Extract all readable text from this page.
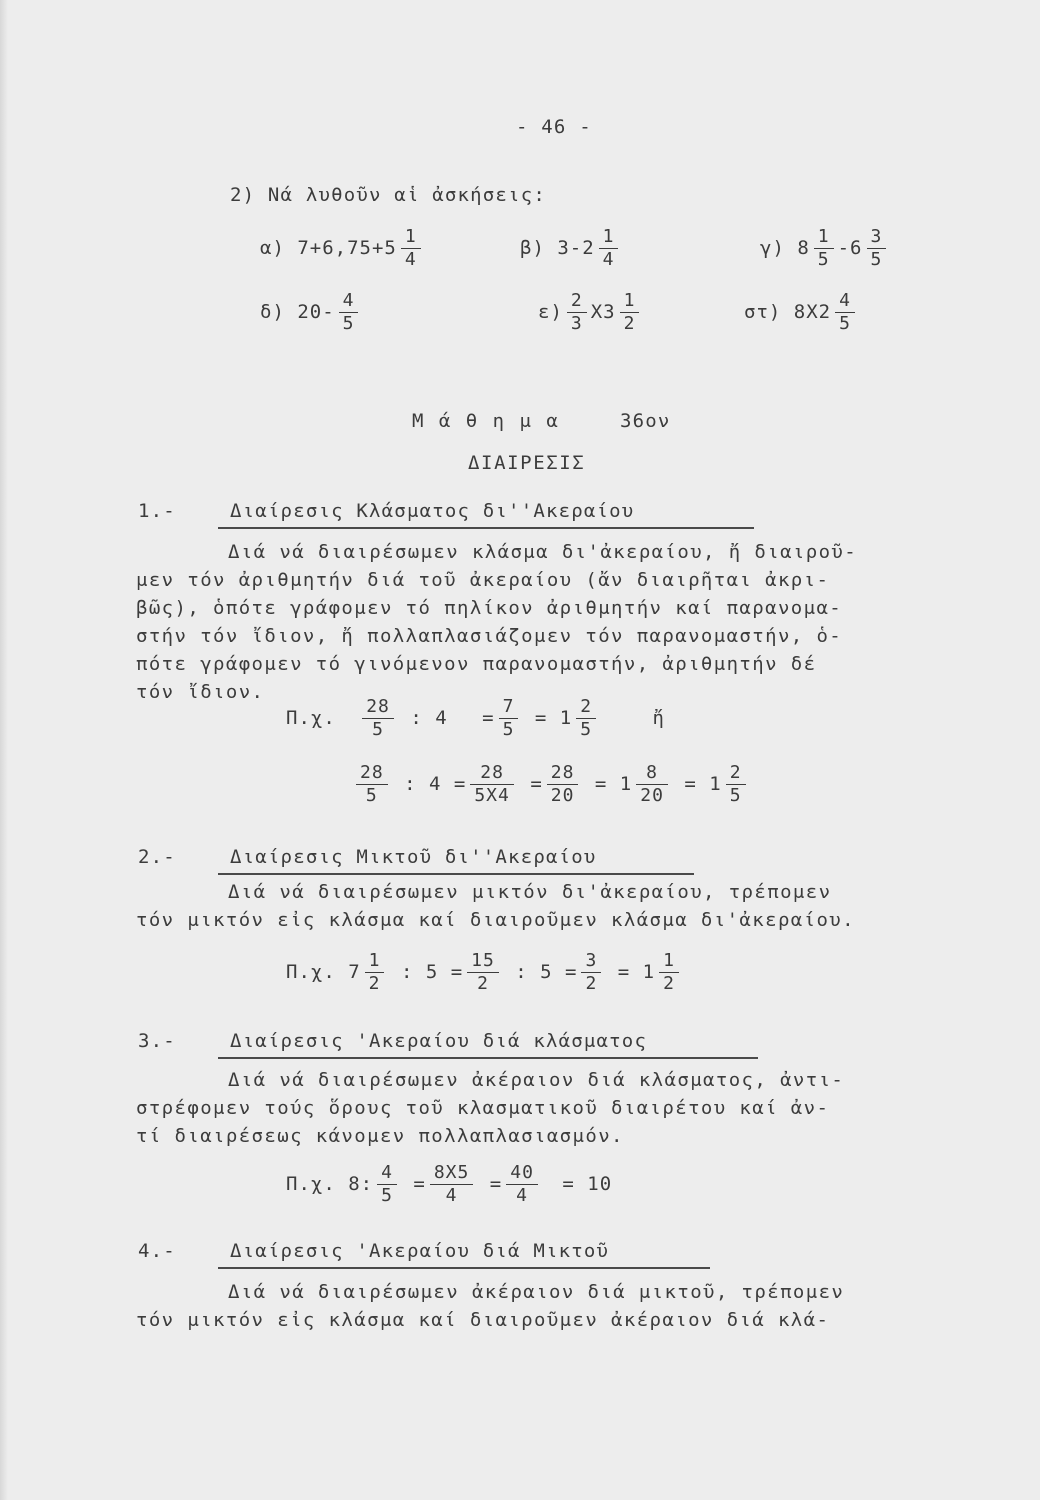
- 46 -
2) Νά λυθοῦν αἱ ἀσκήσεις:
α) $7+6,75+5 \frac{1}{4}$	β) $3-2 \frac{1}{4}$	γ) $8 \frac{1}{5} -6 \frac{3}{5}$
δ) $20- \frac{4}{5}$	$\varepsilon) \frac{2}{3} X3 \frac{1}{2}$	στ) $8X2 \frac{4}{5}$
Μ ά θ η μ α	36ον
ΔΙΑΙΡΕΣΙΣ
1.-	Διαίρεσις Κλάσματος δι''Ακεραίου
Διά νά διαιρέσωμεν κλάσμα δι'ἀκεραίου, ἤ διαιροῦ-
μεν τόν ἀριθμητήν διά τοῦ ἀκεραίου (ἄν διαιρῆται ἀκρι-
βῶς), ὁπότε γράφομεν τό πηλίκον ἀριθμητήν καί παρανομα-
στήν τόν ἴδιον, ἤ πολλαπλασιάζομεν τόν παρανομαστήν, ὁ-
πότε γράφομεν τό γινόμενον παρανομαστήν, ἀριθμητήν δέ
τόν ἴδιον.
Π.χ. $\frac{28}{5}$ : $4 = \frac{7}{5} = 1 \frac{2}{5}$	ἤ
$\frac{28}{5}$ : $4 = \frac{28}{5X4} = \frac{28}{20} = 1 \frac{8}{20} = 1 \frac{2}{5}$
2.-	Διαίρεσις Μικτοῦ δι''Ακεραίου
Διά νά διαιρέσωμεν μικτόν δι'ἀκεραίου, τρέπομεν
τόν μικτόν εἰς κλάσμα καί διαιροῦμεν κλάσμα δι'ἀκεραίου.
Π.χ. $7 \frac{1}{2}$ : $5 = \frac{15}{2}$ : $5 = \frac{3}{2} = 1 \frac{1}{2}$
3.-	Διαίρεσις 'Ακεραίου διά κλάσματος
Διά νά διαιρέσωμεν ἀκέραιον διά κλάσματος, ἀντι-
στρέφομεν τούς ὅρους τοῦ κλασματικοῦ διαιρέτου καί ἀν-
τί διαιρέσεως κάνομεν πολλαπλασιασμόν.
Π.χ. 8: $\frac{4}{5} = \frac{8X5}{4} = \frac{40}{4} = 10$
4.-	Διαίρεσις 'Ακεραίου διά Μικτοῦ
Διά νά διαιρέσωμεν ἀκέραιον διά μικτοῦ, τρέπομεν
τόν μικτόν εἰς κλάσμα καί διαιροῦμεν ἀκέραιον διά κλά-
